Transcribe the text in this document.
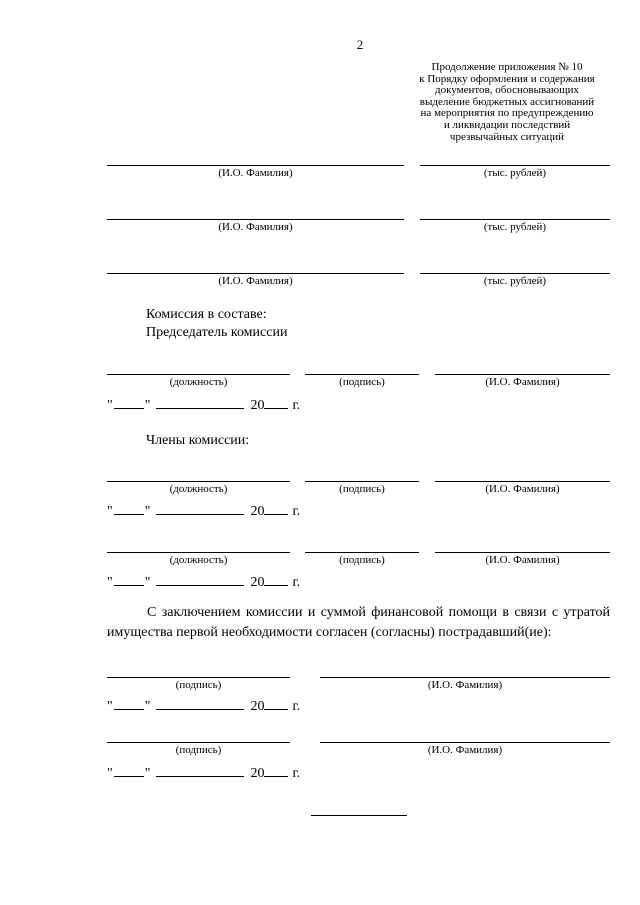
2
Продолжение приложения № 10
к Порядку оформления и содержания
документов, обосновывающих
выделение бюджетных ассигнований
на мероприятия по предупреждению
и ликвидации последствий
чрезвычайных ситуаций
(И.О. Фамилия)	(тыс. рублей)
(И.О. Фамилия)	(тыс. рублей)
(И.О. Фамилия)	(тыс. рублей)
Комиссия в составе:
Председатель комиссии
(должность)	(подпись)	(И.О. Фамилия)
" "	20 г.
Члены комиссии:
(должность)	(подпись)	(И.О. Фамилия)
" "	20 г.
(должность)	(подпись)	(И.О. Фамилия)
" "	20 г.
С заключением комиссии и суммой финансовой помощи в связи с утратой имущества первой необходимости согласен (согласны) пострадавший(ие):
(подпись)	(И.О. Фамилия)
" "	20 г.
(подпись)	(И.О. Фамилия)
" "	20 г.
